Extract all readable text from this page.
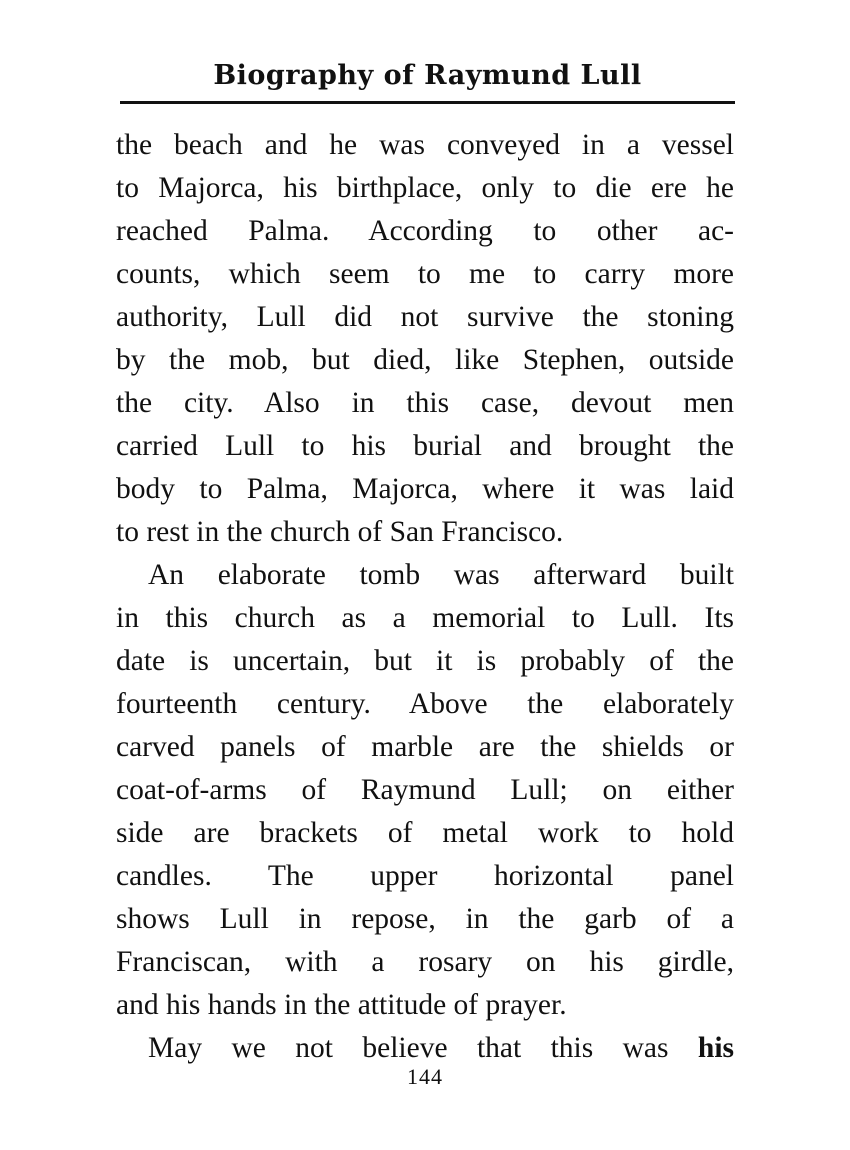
Biography of Raymund Lull
the beach and he was conveyed in a vessel
to Majorca, his birthplace, only to die ere he
reached Palma. According to other ac-
counts, which seem to me to carry more
authority, Lull did not survive the stoning
by the mob, but died, like Stephen, outside
the city. Also in this case, devout men
carried Lull to his burial and brought the
body to Palma, Majorca, where it was laid
to rest in the church of San Francisco.
An elaborate tomb was afterward built
in this church as a memorial to Lull. Its
date is uncertain, but it is probably of the
fourteenth century. Above the elaborately
carved panels of marble are the shields or
coat-of-arms of Raymund Lull; on either
side are brackets of metal work to hold
candles. The upper horizontal panel
shows Lull in repose, in the garb of a
Franciscan, with a rosary on his girdle,
and his hands in the attitude of prayer.
May we not believe that this was his
144
